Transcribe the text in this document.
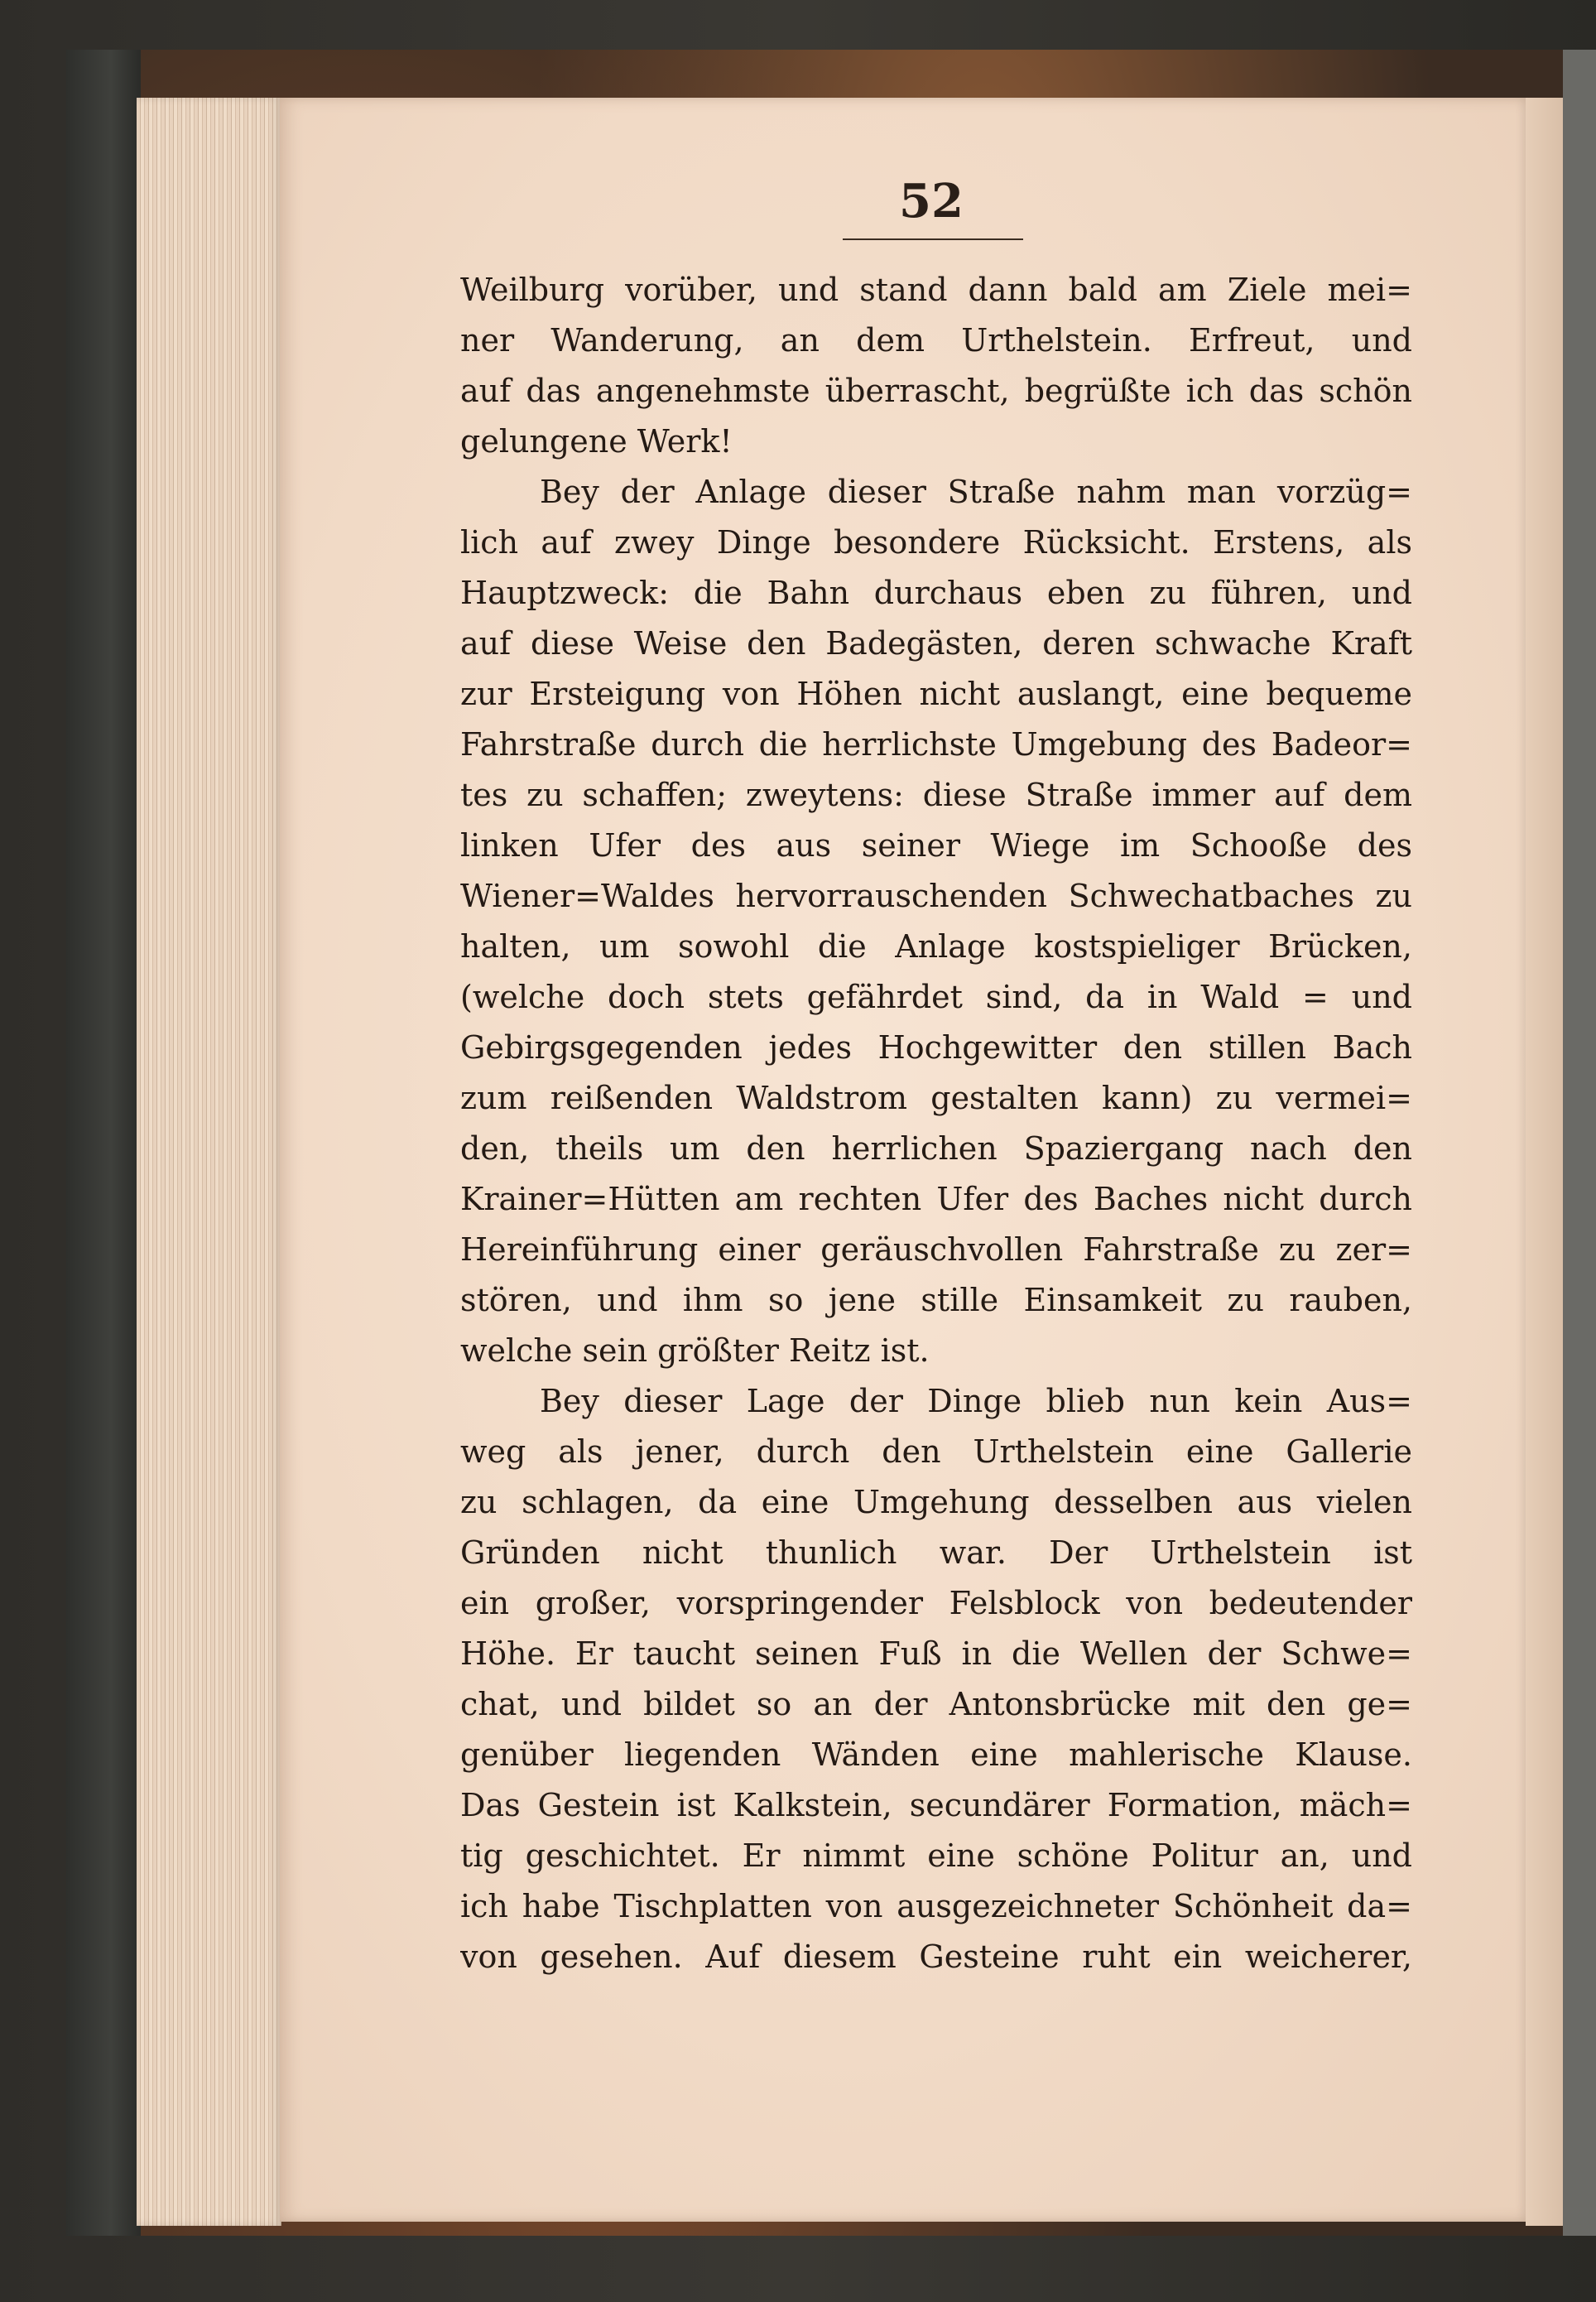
52
Weilburg vorüber, und stand dann bald am Ziele mei=
ner Wanderung, an dem Urthelstein. Erfreut, und
auf das angenehmste überrascht, begrüßte ich das schön
gelungene Werk!
Bey der Anlage dieser Straße nahm man vorzüg=
lich auf zwey Dinge besondere Rücksicht. Erstens, als
Hauptzweck: die Bahn durchaus eben zu führen, und
auf diese Weise den Badegästen, deren schwache Kraft
zur Ersteigung von Höhen nicht auslangt, eine bequeme
Fahrstraße durch die herrlichste Umgebung des Badeor=
tes zu schaffen; zweytens: diese Straße immer auf dem
linken Ufer des aus seiner Wiege im Schooße des
Wiener=Waldes hervorrauschenden Schwechatbaches zu
halten, um sowohl die Anlage kostspieliger Brücken,
(welche doch stets gefährdet sind, da in Wald = und
Gebirgsgegenden jedes Hochgewitter den stillen Bach
zum reißenden Waldstrom gestalten kann) zu vermei=
den, theils um den herrlichen Spaziergang nach den
Krainer=Hütten am rechten Ufer des Baches nicht durch
Hereinführung einer geräuschvollen Fahrstraße zu zer=
stören, und ihm so jene stille Einsamkeit zu rauben,
welche sein größter Reitz ist.
Bey dieser Lage der Dinge blieb nun kein Aus=
weg als jener, durch den Urthelstein eine Gallerie
zu schlagen, da eine Umgehung desselben aus vielen
Gründen nicht thunlich war. Der Urthelstein ist
ein großer, vorspringender Felsblock von bedeutender
Höhe. Er taucht seinen Fuß in die Wellen der Schwe=
chat, und bildet so an der Antonsbrücke mit den ge=
genüber liegenden Wänden eine mahlerische Klause.
Das Gestein ist Kalkstein, secundärer Formation, mäch=
tig geschichtet. Er nimmt eine schöne Politur an, und
ich habe Tischplatten von ausgezeichneter Schönheit da=
von gesehen. Auf diesem Gesteine ruht ein weicherer,
